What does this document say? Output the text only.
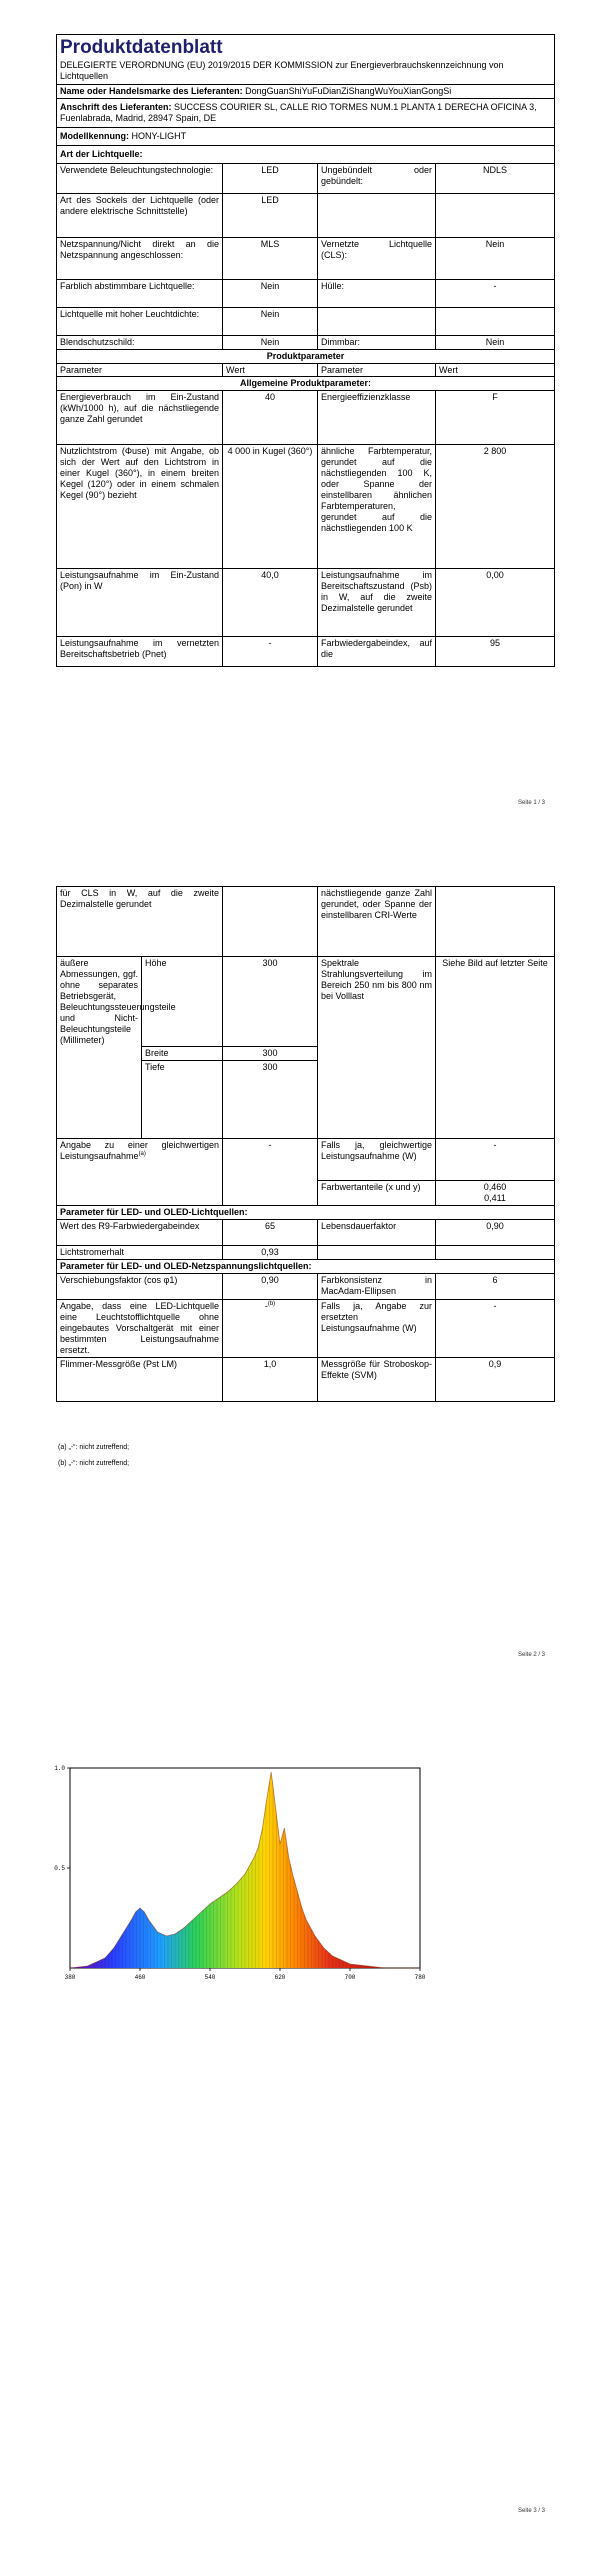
Produktdatenblatt
DELEGIERTE VERORDNUNG (EU) 2019/2015 DER KOMMISSION zur Energieverbrauchskennzeichnung von Lichtquellen			

Name oder Handelsmarke des Lieferanten: DongGuanShiYuFuDianZiShangWuYouXianGongSi			
Anschrift des Lieferanten: SUCCESS COURIER SL, CALLE RIO TORMES NUM.1 PLANTA 1 DERECHA OFICINA 3, Fuenlabrada, Madrid, 28947 Spain, DE			
Modellkennung: HONY-LIGHT			
Art der Lichtquelle:			
Verwendete Beleuchtungstechnologie:	LED	Ungebündelt oder gebündelt:	NDLS
Art des Sockels der Lichtquelle (oder andere elektrische Schnittstelle)	LED		
Netzspannung/Nicht direkt an die Netzspannung angeschlossen:	MLS	Vernetzte Lichtquelle (CLS):	Nein
Farblich abstimmbare Lichtquelle:	Nein	Hülle:	-
Lichtquelle mit hoher Leuchtdichte:	Nein		
Blendschutzschild:	Nein	Dimmbar:	Nein
Produktparameter			
Parameter	Wert	Parameter	Wert
Allgemeine Produktparameter:			
Energieverbrauch im Ein-Zustand (kWh/1000 h), auf die nächstliegende ganze Zahl gerundet	40	Energieeffizienzklasse	F
Nutzlichtstrom (Φuse) mit Angabe, ob sich der Wert auf den Lichtstrom in einer Kugel (360°), in einem breiten Kegel (120°) oder in einem schmalen Kegel (90°) bezieht	4 000 in Kugel (360°)	ähnliche Farbtemperatur, gerundet auf die nächstliegenden 100 K, oder Spanne der einstellbaren ähnlichen Farbtemperaturen, gerundet auf die nächstliegenden 100 K	2 800
Leistungsaufnahme im Ein-Zustand (Pon) in W	40,0	Leistungsaufnahme im Bereitschaftszustand (Psb) in W, auf die zweite Dezimalstelle gerundet	0,00
Leistungsaufnahme im vernetzten Bereitschaftsbetrieb (Pnet)	-	Farbwiedergabeindex, auf die	95
Seite 1 / 3
für CLS in W, auf die zweite Dezimalstelle gerundet			nächstliegende ganze Zahl gerundet, oder Spanne der einstellbaren CRI-Werte	
äußere Abmessungen, ggf. ohne separates Betriebsgerät, Beleuchtungssteuerungsteile und Nicht-Beleuchtungsteile (Millimeter)	Höhe	300	Spektrale Strahlungsverteilung im Bereich 250 nm bis 800 nm bei Volllast	Siehe Bild auf letzter Seite
	Breite	300		
	Tiefe	300		
Angabe zu einer gleichwertigen Leistungsaufnahme$^{(a)}$		-	Falls ja, gleichwertige Leistungsaufnahme (W)	-
			Farbwertanteile (x und y)	0,460
0,411

Parameter für LED- und OLED-Lichtquellen:				
Wert des R9-Farbwiedergabeindex		65	Lebensdauerfaktor	0,90
Lichtstromerhalt		0,93		
Parameter für LED- und OLED-Netzspannungslichtquellen:				
Verschiebungsfaktor (cos φ1)		0,90	Farbkonsistenz in MacAdam-Ellipsen	6
Angabe, dass eine LED-Lichtquelle eine Leuchtstofflichtquelle ohne eingebautes Vorschaltgerät mit einer bestimmten Leistungsaufnahme ersetzt.		-$^{(b)}$	Falls ja, Angabe zur ersetzten Leistungsaufnahme (W)	-
Flimmer-Messgröße (Pst LM)		1,0	Messgröße für Stroboskop-Effekte (SVM)	0,9
(a) „-“: nicht zutreffend;
(b) „-“: nicht zutreffend;
Seite 2 / 3
380	460	540	620	700	780
0.5
1.0
Seite 3 / 3
